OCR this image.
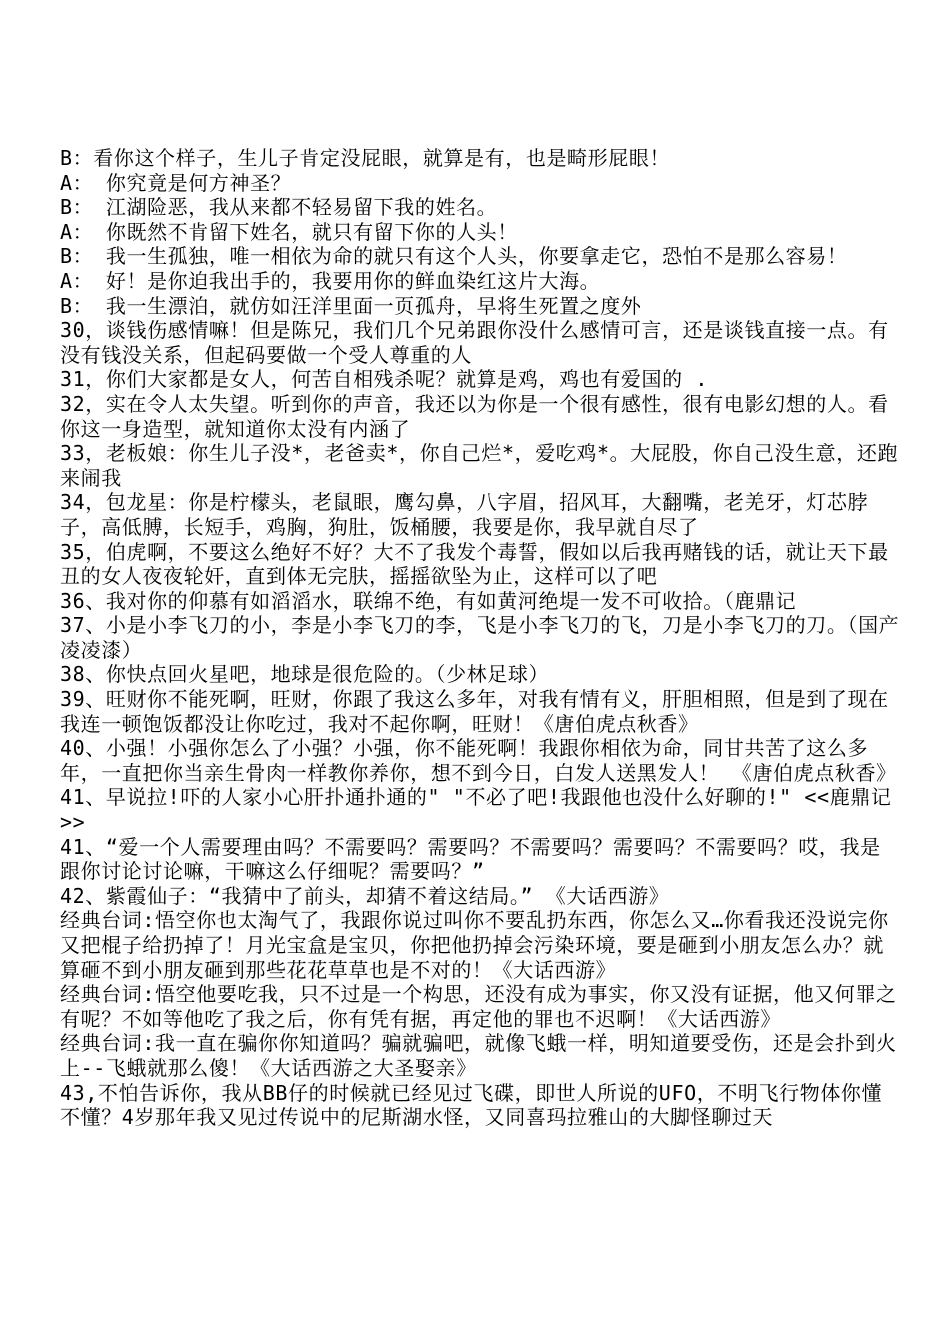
B：看你这个样子，生儿子肯定没屁眼，就算是有，也是畸形屁眼！

A： 你究竟是何方神圣？

B： 江湖险恶，我从来都不轻易留下我的姓名。

A： 你既然不肯留下姓名，就只有留下你的人头！

B： 我一生孤独，唯一相依为命的就只有这个人头，你要拿走它，恐怕不是那么容易！

A： 好！是你迫我出手的，我要用你的鲜血染红这片大海。

B： 我一生漂泊，就仿如汪洋里面一页孤舟，早将生死置之度外

30，谈钱伤感情嘛！但是陈兄，我们几个兄弟跟你没什么感情可言，还是谈钱直接一点。有没有钱没关系，但起码要做一个受人尊重的人

31，你们大家都是女人，何苦自相残杀呢？就算是鸡，鸡也有爱国的 .

32，实在令人太失望。听到你的声音，我还以为你是一个很有感性，很有电影幻想的人。看你这一身造型，就知道你太没有内涵了

33，老板娘：你生儿子没*，老爸卖*，你自己烂*，爱吃鸡*。大屁股，你自己没生意，还跑来闹我

34，包龙星：你是柠檬头，老鼠眼，鹰勾鼻，八字眉，招风耳，大翻嘴，老羌牙，灯芯脖子，高低膊，长短手，鸡胸，狗肚，饭桶腰，我要是你，我早就自尽了

35，伯虎啊，不要这么绝好不好？大不了我发个毒誓，假如以后我再赌钱的话，就让天下最丑的女人夜夜轮奸，直到体无完肤，摇摇欲坠为止，这样可以了吧

36、我对你的仰慕有如滔滔水，联绵不绝，有如黄河绝堤一发不可收拾。（鹿鼎记

37、小是小李飞刀的小，李是小李飞刀的李，飞是小李飞刀的飞，刀是小李飞刀的刀。（国产凌凌漆）

38、你快点回火星吧，地球是很危险的。（少林足球）

39、旺财你不能死啊，旺财，你跟了我这么多年，对我有情有义，肝胆相照，但是到了现在我连一顿饱饭都没让你吃过，我对不起你啊，旺财！《唐伯虎点秋香》

40、小强！小强你怎么了小强？小强，你不能死啊！我跟你相依为命，同甘共苦了这么多年，一直把你当亲生骨肉一样教你养你，想不到今日，白发人送黑发人！ 《唐伯虎点秋香》

41、早说拉!吓的人家小心肝扑通扑通的" "不必了吧!我跟他也没什么好聊的!" <<鹿鼎记>>

41、“爱一个人需要理由吗？不需要吗？需要吗？不需要吗？需要吗？不需要吗？哎，我是跟你讨论讨论嘛，干嘛这么仔细呢？需要吗？”

42、紫霞仙子：“我猜中了前头，却猜不着这结局。” 《大话西游》

经典台词:悟空你也太淘气了，我跟你说过叫你不要乱扔东西，你怎么又…你看我还没说完你又把棍子给扔掉了！月光宝盒是宝贝，你把他扔掉会污染环境，要是砸到小朋友怎么办？就算砸不到小朋友砸到那些花花草草也是不对的！《大话西游》

经典台词:悟空他要吃我，只不过是一个构思，还没有成为事实，你又没有证据，他又何罪之有呢？不如等他吃了我之后，你有凭有据，再定他的罪也不迟啊！《大话西游》

经典台词:我一直在骗你你知道吗？骗就骗吧，就像飞蛾一样，明知道要受伤，还是会扑到火上--飞蛾就那么傻！《大话西游之大圣娶亲》

43,不怕告诉你，我从BB仔的时候就已经见过飞碟，即世人所说的UFO，不明飞行物体你懂不懂？4岁那年我又见过传说中的尼斯湖水怪，又同喜玛拉雅山的大脚怪聊过天
